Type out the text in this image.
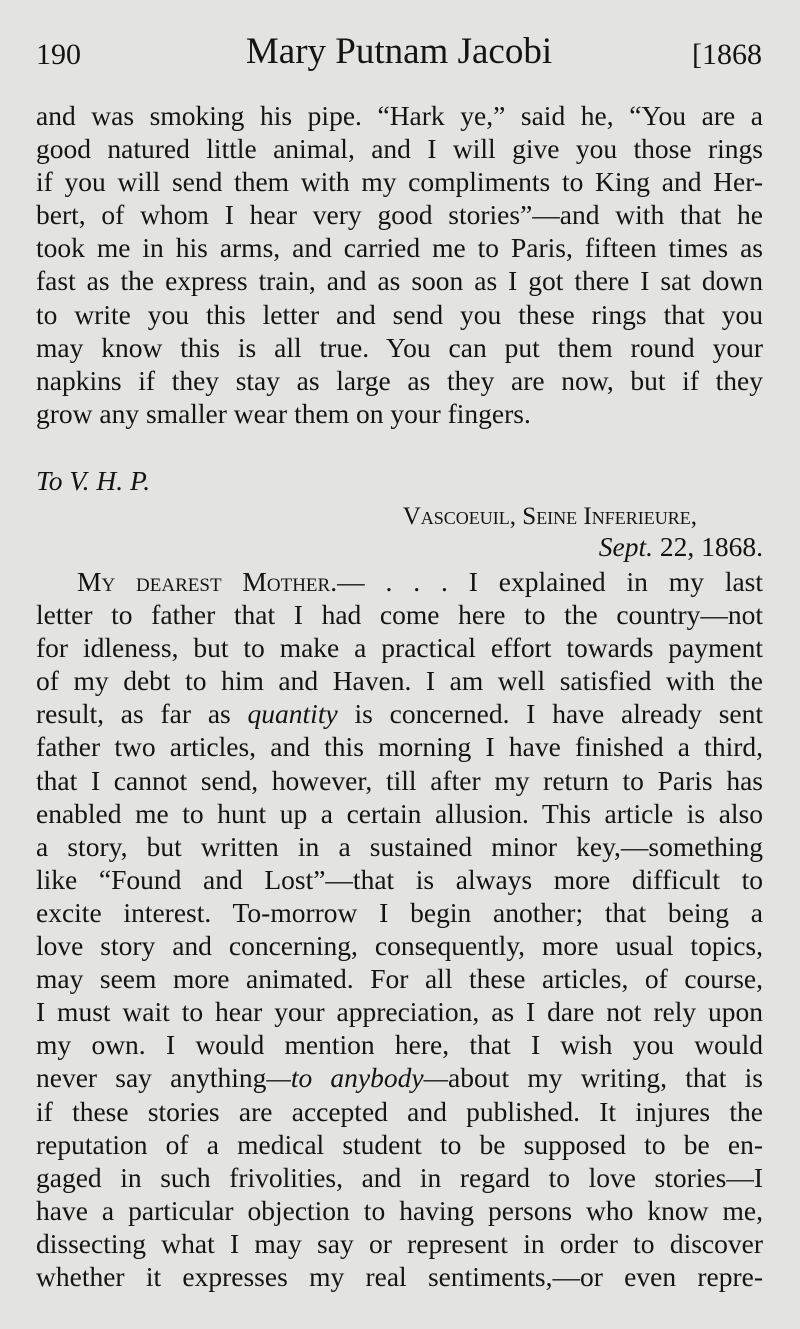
190	Mary Putnam Jacobi	[1868
and was smoking his pipe. “Hark ye,” said he, “You are a
good natured little animal, and I will give you those rings
if you will send them with my compliments to King and Her-
bert, of whom I hear very good stories”—and with that he
took me in his arms, and carried me to Paris, fifteen times as
fast as the express train, and as soon as I got there I sat down
to write you this letter and send you these rings that you
may know this is all true. You can put them round your
napkins if they stay as large as they are now, but if they
grow any smaller wear them on your fingers.
To V. H. P.
Vascoeuil, Seine Inferieure,
Sept. 22, 1868.
My dearest Mother.— . . . I explained in my last
letter to father that I had come here to the country—not
for idleness, but to make a practical effort towards payment
of my debt to him and Haven. I am well satisfied with the
result, as far as quantity is concerned. I have already sent
father two articles, and this morning I have finished a third,
that I cannot send, however, till after my return to Paris has
enabled me to hunt up a certain allusion. This article is also
a story, but written in a sustained minor key,—something
like “Found and Lost”—that is always more difficult to
excite interest. To-morrow I begin another; that being a
love story and concerning, consequently, more usual topics,
may seem more animated. For all these articles, of course,
I must wait to hear your appreciation, as I dare not rely upon
my own. I would mention here, that I wish you would
never say anything—to anybody—about my writing, that is
if these stories are accepted and published. It injures the
reputation of a medical student to be supposed to be en-
gaged in such frivolities, and in regard to love stories—I
have a particular objection to having persons who know me,
dissecting what I may say or represent in order to discover
whether it expresses my real sentiments,—or even repre-
